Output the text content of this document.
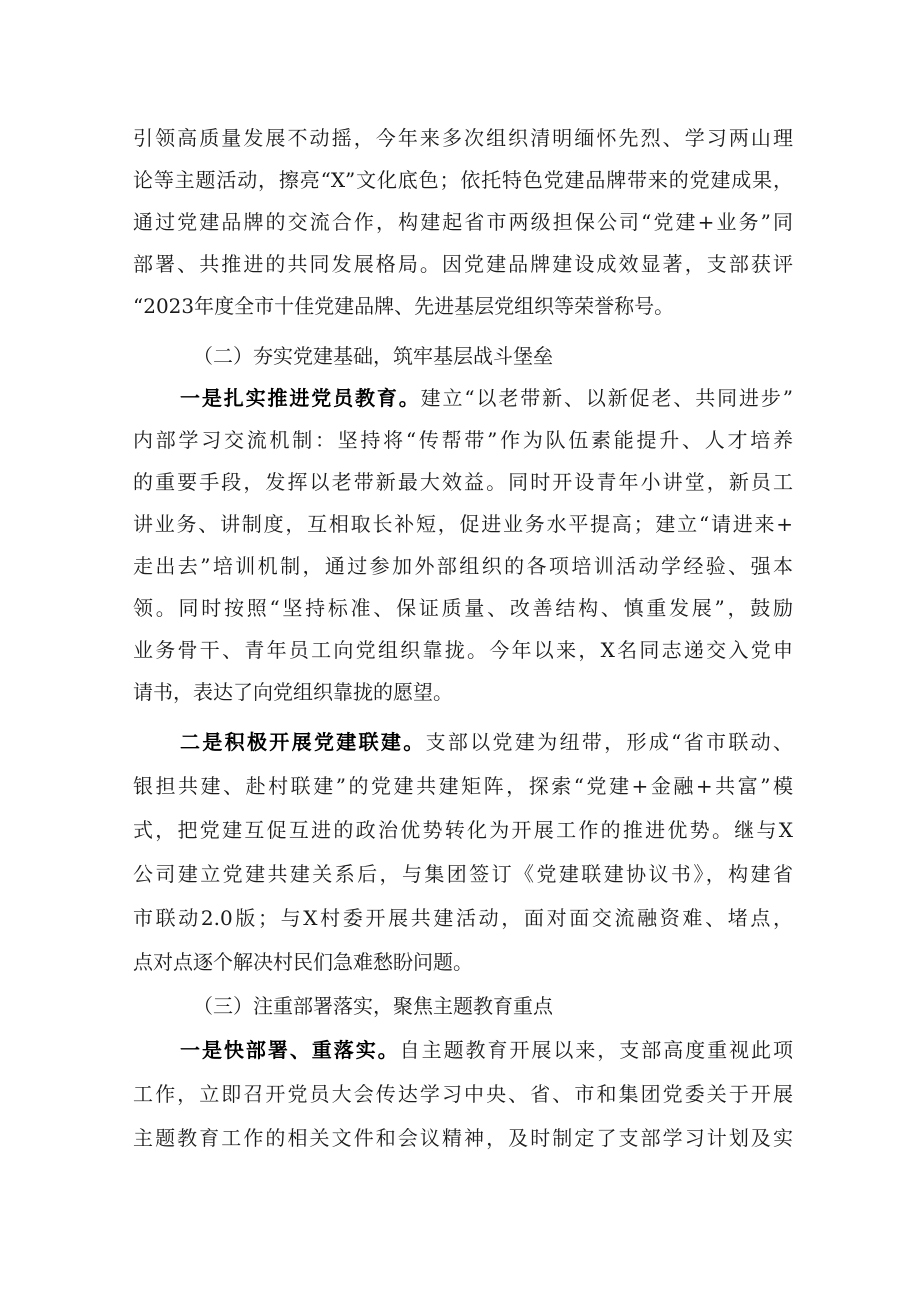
引领高质量发展不动摇，今年来多次组织清明缅怀先烈、学习两山理
论等主题活动，擦亮“X”文化底色；依托特色党建品牌带来的党建成果，
通过党建品牌的交流合作，构建起省市两级担保公司“党建+业务”同
部署、共推进的共同发展格局。因党建品牌建设成效显著，支部获评
“2023年度全市十佳党建品牌、先进基层党组织等荣誉称号。
（二）夯实党建基础，筑牢基层战斗堡垒
一是扎实推进党员教育。建立“以老带新、以新促老、共同进步”
内部学习交流机制：坚持将“传帮带”作为队伍素能提升、人才培养
的重要手段，发挥以老带新最大效益。同时开设青年小讲堂，新员工
讲业务、讲制度，互相取长补短，促进业务水平提高；建立“请进来+
走出去”培训机制，通过参加外部组织的各项培训活动学经验、强本
领。同时按照“坚持标准、保证质量、改善结构、慎重发展”，鼓励
业务骨干、青年员工向党组织靠拢。今年以来，X名同志递交入党申
请书，表达了向党组织靠拢的愿望。
二是积极开展党建联建。支部以党建为纽带，形成“省市联动、
银担共建、赴村联建”的党建共建矩阵，探索“党建+金融+共富”模
式，把党建互促互进的政治优势转化为开展工作的推进优势。继与X
公司建立党建共建关系后，与集团签订《党建联建协议书》，构建省
市联动2.0版；与X村委开展共建活动，面对面交流融资难、堵点，
点对点逐个解决村民们急难愁盼问题。
（三）注重部署落实，聚焦主题教育重点
一是快部署、重落实。自主题教育开展以来，支部高度重视此项
工作，立即召开党员大会传达学习中央、省、市和集团党委关于开展
主题教育工作的相关文件和会议精神，及时制定了支部学习计划及实
